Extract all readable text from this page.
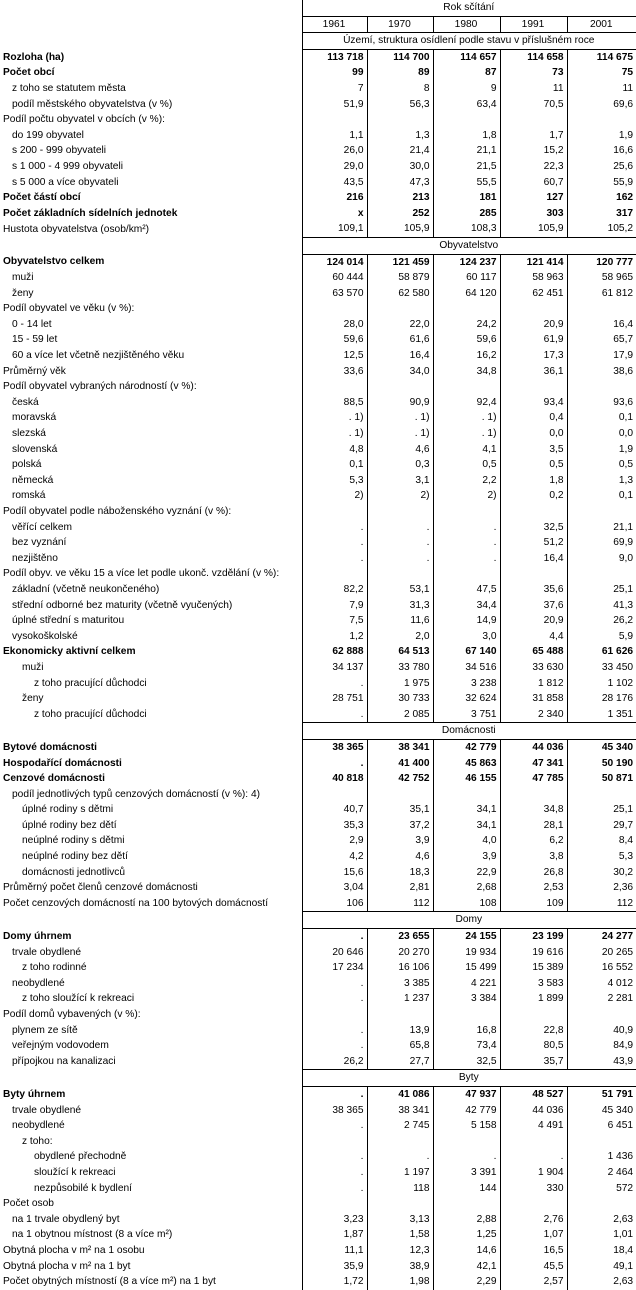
	Rok sčítání				
	1961	1970	1980	1991	2001
	Území, struktura osídlení podle stavu v příslušném roce				
Rozloha (ha)	113 718	114 700	114 657	114 658	114 675
Počet obcí	99	89	87	73	75
z toho se statutem města	7	8	9	11	11
podíl městského obyvatelstva (v %)	51,9	56,3	63,4	70,5	69,6
Podíl počtu obyvatel v obcích (v %):					
do 199 obyvatel	1,1	1,3	1,8	1,7	1,9
s 200 - 999 obyvateli	26,0	21,4	21,1	15,2	16,6
s 1 000 - 4 999 obyvateli	29,0	30,0	21,5	22,3	25,6
s 5 000 a více obyvateli	43,5	47,3	55,5	60,7	55,9
Počet částí obcí	216	213	181	127	162
Počet základních sídelních jednotek	x	252	285	303	317
Hustota obyvatelstva (osob/km²)	109,1	105,9	108,3	105,9	105,2
	Obyvatelstvo				
Obyvatelstvo celkem	124 014	121 459	124 237	121 414	120 777
muži	60 444	58 879	60 117	58 963	58 965
ženy	63 570	62 580	64 120	62 451	61 812
Podíl obyvatel ve věku (v %):					
0 - 14 let	28,0	22,0	24,2	20,9	16,4
15 - 59 let	59,6	61,6	59,6	61,9	65,7
60 a více let včetně nezjištěného věku	12,5	16,4	16,2	17,3	17,9
Průměrný věk	33,6	34,0	34,8	36,1	38,6
Podíl obyvatel vybraných národností (v %):					
česká	88,5	90,9	92,4	93,4	93,6
moravská	. 1)	. 1)	. 1)	0,4	0,1
slezská	. 1)	. 1)	. 1)	0,0	0,0
slovenská	4,8	4,6	4,1	3,5	1,9
polská	0,1	0,3	0,5	0,5	0,5
německá	5,3	3,1	2,2	1,8	1,3
romská	2)	2)	2)	0,2	0,1
Podíl obyvatel podle náboženského vyznání (v %):					
věřící celkem	.	.	.	32,5	21,1
bez vyznání	.	.	.	51,2	69,9
nezjištěno	.	.	.	16,4	9,0
Podíl obyv. ve věku 15 a více let podle ukonč. vzdělání (v %):					
základní (včetně neukončeného)	82,2	53,1	47,5	35,6	25,1
střední odborné bez maturity (včetně vyučených)	7,9	31,3	34,4	37,6	41,3
úplné střední s maturitou	7,5	11,6	14,9	20,9	26,2
vysokoškolské	1,2	2,0	3,0	4,4	5,9
Ekonomicky aktivní celkem	62 888	64 513	67 140	65 488	61 626
muži	34 137	33 780	34 516	33 630	33 450
z toho pracující důchodci	.	1 975	3 238	1 812	1 102
ženy	28 751	30 733	32 624	31 858	28 176
z toho pracující důchodci	.	2 085	3 751	2 340	1 351
	Domácnosti				
Bytové domácnosti	38 365	38 341	42 779	44 036	45 340
Hospodařící domácnosti	.	41 400	45 863	47 341	50 190
Cenzové domácnosti	40 818	42 752	46 155	47 785	50 871
podíl jednotlivých typů cenzových domácností (v %): 4)					
úplné rodiny s dětmi	40,7	35,1	34,1	34,8	25,1
úplné rodiny bez dětí	35,3	37,2	34,1	28,1	29,7
neúplné rodiny s dětmi	2,9	3,9	4,0	6,2	8,4
neúplné rodiny bez dětí	4,2	4,6	3,9	3,8	5,3
domácnosti jednotlivců	15,6	18,3	22,9	26,8	30,2
Průměrný počet členů cenzové domácnosti	3,04	2,81	2,68	2,53	2,36
Počet cenzových domácností na 100 bytových domácností	106	112	108	109	112
	Domy				
Domy úhrnem	.	23 655	24 155	23 199	24 277
trvale obydlené	20 646	20 270	19 934	19 616	20 265
z toho rodinné	17 234	16 106	15 499	15 389	16 552
neobydlené	.	3 385	4 221	3 583	4 012
z toho sloužící k rekreaci	.	1 237	3 384	1 899	2 281
Podíl domů vybavených (v %):					
plynem ze sítě	.	13,9	16,8	22,8	40,9
veřejným vodovodem	.	65,8	73,4	80,5	84,9
přípojkou na kanalizaci	26,2	27,7	32,5	35,7	43,9
	Byty				
Byty úhrnem	.	41 086	47 937	48 527	51 791
trvale obydlené	38 365	38 341	42 779	44 036	45 340
neobydlené	.	2 745	5 158	4 491	6 451
z toho:					
obydlené přechodně	.	.	.	.	1 436
sloužící k rekreaci	.	1 197	3 391	1 904	2 464
nezpůsobilé k bydlení	.	118	144	330	572
Počet osob					
na 1 trvale obydlený byt	3,23	3,13	2,88	2,76	2,63
na 1 obytnou místnost (8 a více m²)	1,87	1,58	1,25	1,07	1,01
Obytná plocha v m² na 1 osobu	11,1	12,3	14,6	16,5	18,4
Obytná plocha v m² na 1 byt	35,9	38,9	42,1	45,5	49,1
Počet obytných místností (8 a více m²) na 1 byt	1,72	1,98	2,29	2,57	2,63
